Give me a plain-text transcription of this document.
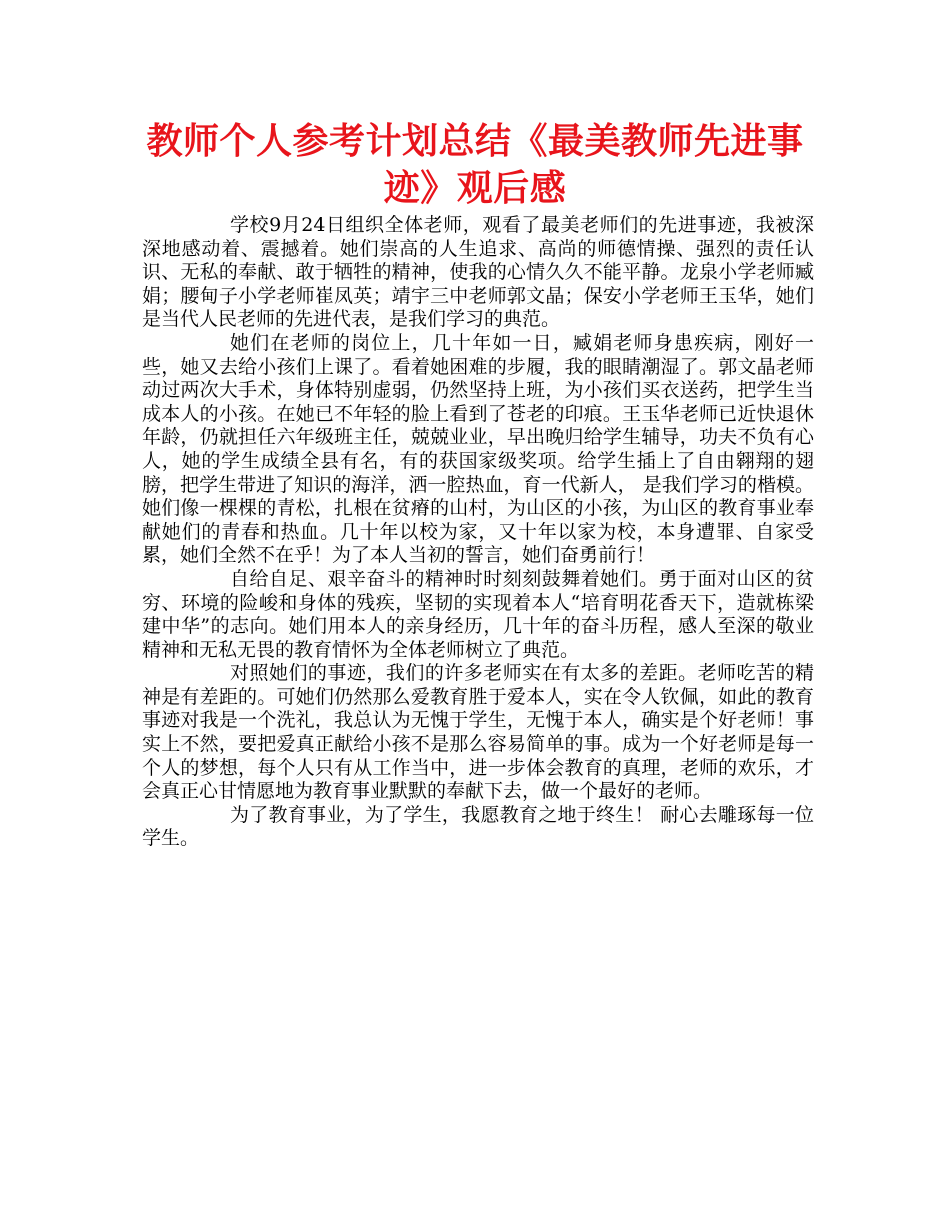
教师个人参考计划总结《最美教师先进事迹》观后感

学校9月24日组织全体老师，观看了最美老师们的先进事迹，我被深深地感动着、震撼着。她们崇高的人生追求、高尚的师德情操、强烈的责任认识、无私的奉献、敢于牺牲的精神，使我的心情久久不能平静。龙泉小学老师臧娟；腰甸子小学老师崔凤英；靖宇三中老师郭文晶；保安小学老师王玉华，她们是当代人民老师的先进代表，是我们学习的典范。

她们在老师的岗位上，几十年如一日，臧娟老师身患疾病，刚好一些，她又去给小孩们上课了。看着她困难的步履，我的眼睛潮湿了。郭文晶老师动过两次大手术，身体特别虚弱，仍然坚持上班，为小孩们买衣送药，把学生当成本人的小孩。在她已不年轻的脸上看到了苍老的印痕。王玉华老师已近快退休年龄，仍就担任六年级班主任，兢兢业业，早出晚归给学生辅导，功夫不负有心人，她的学生成绩全县有名，有的获国家级奖项。给学生插上了自由翱翔的翅膀，把学生带进了知识的海洋，洒一腔热血，育一代新人， 是我们学习的楷模。她们像一棵棵的青松，扎根在贫瘠的山村，为山区的小孩，为山区的教育事业奉献她们的青春和热血。几十年以校为家，又十年以家为校，本身遭罪、自家受累，她们全然不在乎！为了本人当初的誓言，她们奋勇前行！

自给自足、艰辛奋斗的精神时时刻刻鼓舞着她们。勇于面对山区的贫穷、环境的险峻和身体的残疾，坚韧的实现着本人“培育明花香天下，造就栋梁建中华”的志向。她们用本人的亲身经历，几十年的奋斗历程，感人至深的敬业精神和无私无畏的教育情怀为全体老师树立了典范。

对照她们的事迹，我们的许多老师实在有太多的差距。老师吃苦的精神是有差距的。可她们仍然那么爱教育胜于爱本人，实在令人钦佩，如此的教育事迹对我是一个洗礼，我总认为无愧于学生，无愧于本人，确实是个好老师！事实上不然，要把爱真正献给小孩不是那么容易简单的事。成为一个好老师是每一个人的梦想，每个人只有从工作当中，进一步体会教育的真理，老师的欢乐，才会真正心甘情愿地为教育事业默默的奉献下去，做一个最好的老师。

为了教育事业，为了学生，我愿教育之地于终生！ 耐心去雕琢每一位学生。
